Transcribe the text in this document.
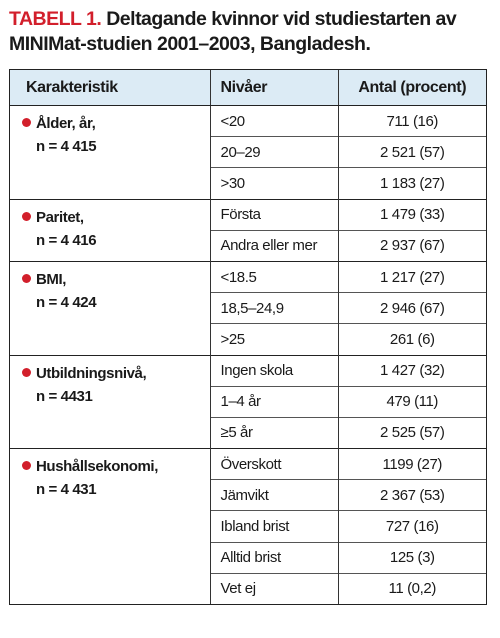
TABELL 1. Deltagande kvinnor vid studiestarten av MINIMat-studien 2001–2003, Bangladesh.
Karakteristik	Nivåer	Antal (procent)
Ålder, år,
n = 4 415	<20	711 (16)
	20–29	2 521 (57)
	>30	1 183 (27)
Paritet,
n = 4 416	Första	1 479 (33)
	Andra eller mer	2 937 (67)
BMI,
n = 4 424	<18.5	1 217 (27)
	18,5–24,9	2 946 (67)
	>25	261 (6)
Utbildningsnivå,
n = 4431	Ingen skola	1 427 (32)
	1–4 år	479 (11)
	≥5 år	2 525 (57)
Hushållsekonomi,
n = 4 431	Överskott	1199 (27)
	Jämvikt	2 367 (53)
	Ibland brist	727 (16)
	Alltid brist	125 (3)
	Vet ej	11 (0,2)
